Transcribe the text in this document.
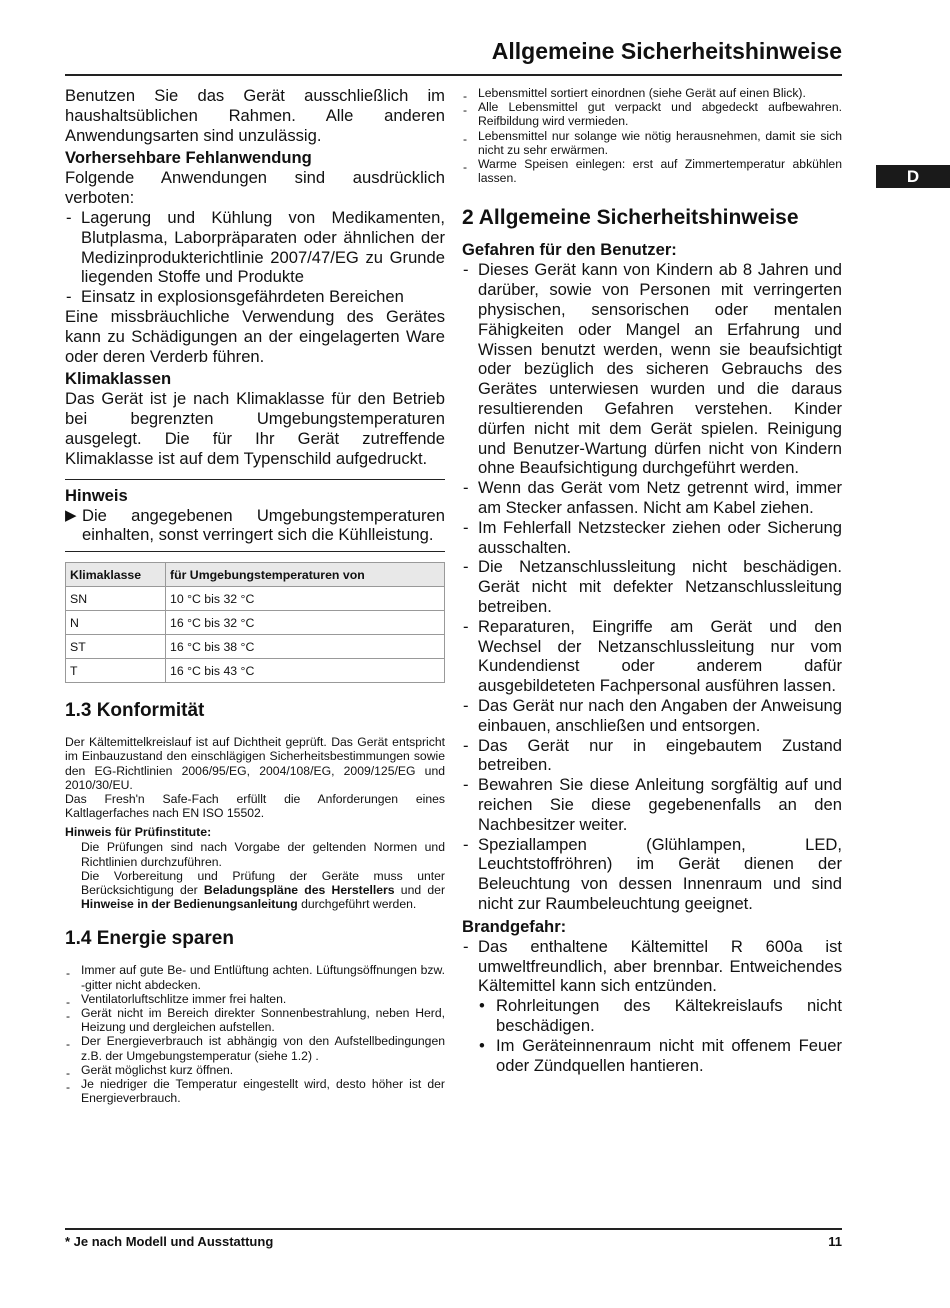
Allgemeine Sicherheitshinweise
D

Benutzen Sie das Gerät ausschließlich im haushaltsüblichen Rahmen. Alle anderen Anwendungsarten sind unzulässig.

Vorhersehbare Fehlanwendung

Folgende Anwendungen sind ausdrücklich verboten:

- Lagerung und Kühlung von Medikamenten, Blutplasma, Laborpräparaten oder ähnlichen der Medizinprodukterichtlinie 2007/47/EG zu Grunde liegenden Stoffe und Produkte
- Einsatz in explosionsgefährdeten Bereichen

Eine missbräuchliche Verwendung des Gerätes kann zu Schädigungen an der eingelagerten Ware oder deren Verderb führen.

Klimaklassen

Das Gerät ist je nach Klimaklasse für den Betrieb bei begrenzten Umgebungstemperaturen ausgelegt. Die für Ihr Gerät zutreffende Klimaklasse ist auf dem Typenschild aufgedruckt.

Hinweis
▶ Die angegebenen Umgebungstemperaturen einhalten, sonst verringert sich die Kühlleistung.
Klimaklasse	für Umgebungstemperaturen von
SN	10 °C bis 32 °C
N	16 °C bis 32 °C
ST	16 °C bis 38 °C
T	16 °C bis 43 °C
1.3 Konformität

Der Kältemittelkreislauf ist auf Dichtheit geprüft. Das Gerät entspricht im Einbauzustand den einschlägigen Sicherheitsbestimmungen sowie den EG-Richtlinien 2006/95/EG, 2004/108/EG, 2009/125/EG und 2010/30/EU.

Das Fresh'n Safe-Fach erfüllt die Anforderungen eines Kaltlagerfaches nach EN ISO 15502.

Hinweis für Prüfinstitute:

Die Prüfungen sind nach Vorgabe der geltenden Normen und Richtlinien durchzuführen.

Die Vorbereitung und Prüfung der Geräte muss unter Berücksichtigung der Beladungspläne des Herstellers und der Hinweise in der Bedienungsanleitung durchgeführt werden.

1.4 Energie sparen
- Immer auf gute Be- und Entlüftung achten. Lüftungsöffnungen bzw. -gitter nicht abdecken.
- Ventilatorluftschlitze immer frei halten.
- Gerät nicht im Bereich direkter Sonnenbestrahlung, neben Herd, Heizung und dergleichen aufstellen.
- Der Energieverbrauch ist abhängig von den Aufstellbedingungen z.B. der Umgebungstemperatur (siehe 1.2) .
- Gerät möglichst kurz öffnen.
- Je niedriger die Temperatur eingestellt wird, desto höher ist der Energieverbrauch.
- Lebensmittel sortiert einordnen (siehe Gerät auf einen Blick).
- Alle Lebensmittel gut verpackt und abgedeckt aufbewahren. Reifbildung wird vermieden.
- Lebensmittel nur solange wie nötig herausnehmen, damit sie sich nicht zu sehr erwärmen.
- Warme Speisen einlegen: erst auf Zimmertemperatur abkühlen lassen.
2 Allgemeine Sicherheitshinweise
Gefahren für den Benutzer:
- Dieses Gerät kann von Kindern ab 8 Jahren und darüber, sowie von Personen mit verringerten physischen, sensorischen oder mentalen Fähigkeiten oder Mangel an Erfahrung und Wissen benutzt werden, wenn sie beaufsichtigt oder bezüglich des sicheren Gebrauchs des Gerätes unterwiesen wurden und die daraus resultierenden Gefahren verstehen. Kinder dürfen nicht mit dem Gerät spielen. Reinigung und Benutzer-Wartung dürfen nicht von Kindern ohne Beaufsichtigung durchgeführt werden.
- Wenn das Gerät vom Netz getrennt wird, immer am Stecker anfassen. Nicht am Kabel ziehen.
- Im Fehlerfall Netzstecker ziehen oder Sicherung ausschalten.
- Die Netzanschlussleitung nicht beschädigen. Gerät nicht mit defekter Netzanschlussleitung betreiben.
- Reparaturen, Eingriffe am Gerät und den Wechsel der Netzanschlussleitung nur vom Kundendienst oder anderem dafür ausgebildeteten Fachpersonal ausführen lassen.
- Das Gerät nur nach den Angaben der Anweisung einbauen, anschließen und entsorgen.
- Das Gerät nur in eingebautem Zustand betreiben.
- Bewahren Sie diese Anleitung sorgfältig auf und reichen Sie diese gegebenenfalls an den Nachbesitzer weiter.
- Speziallampen (Glühlampen, LED, Leuchtstoffröhren) im Gerät dienen der Beleuchtung von dessen Innenraum und sind nicht zur Raumbeleuchtung geeignet.
Brandgefahr:
- Das enthaltene Kältemittel R 600a ist umweltfreundlich, aber brennbar. Entweichendes Kältemittel kann sich entzünden.
• Rohrleitungen des Kältekreislaufs nicht beschädigen.
• Im Geräteinnenraum nicht mit offenem Feuer oder Zündquellen hantieren.
* Je nach Modell und Ausstattung	11
